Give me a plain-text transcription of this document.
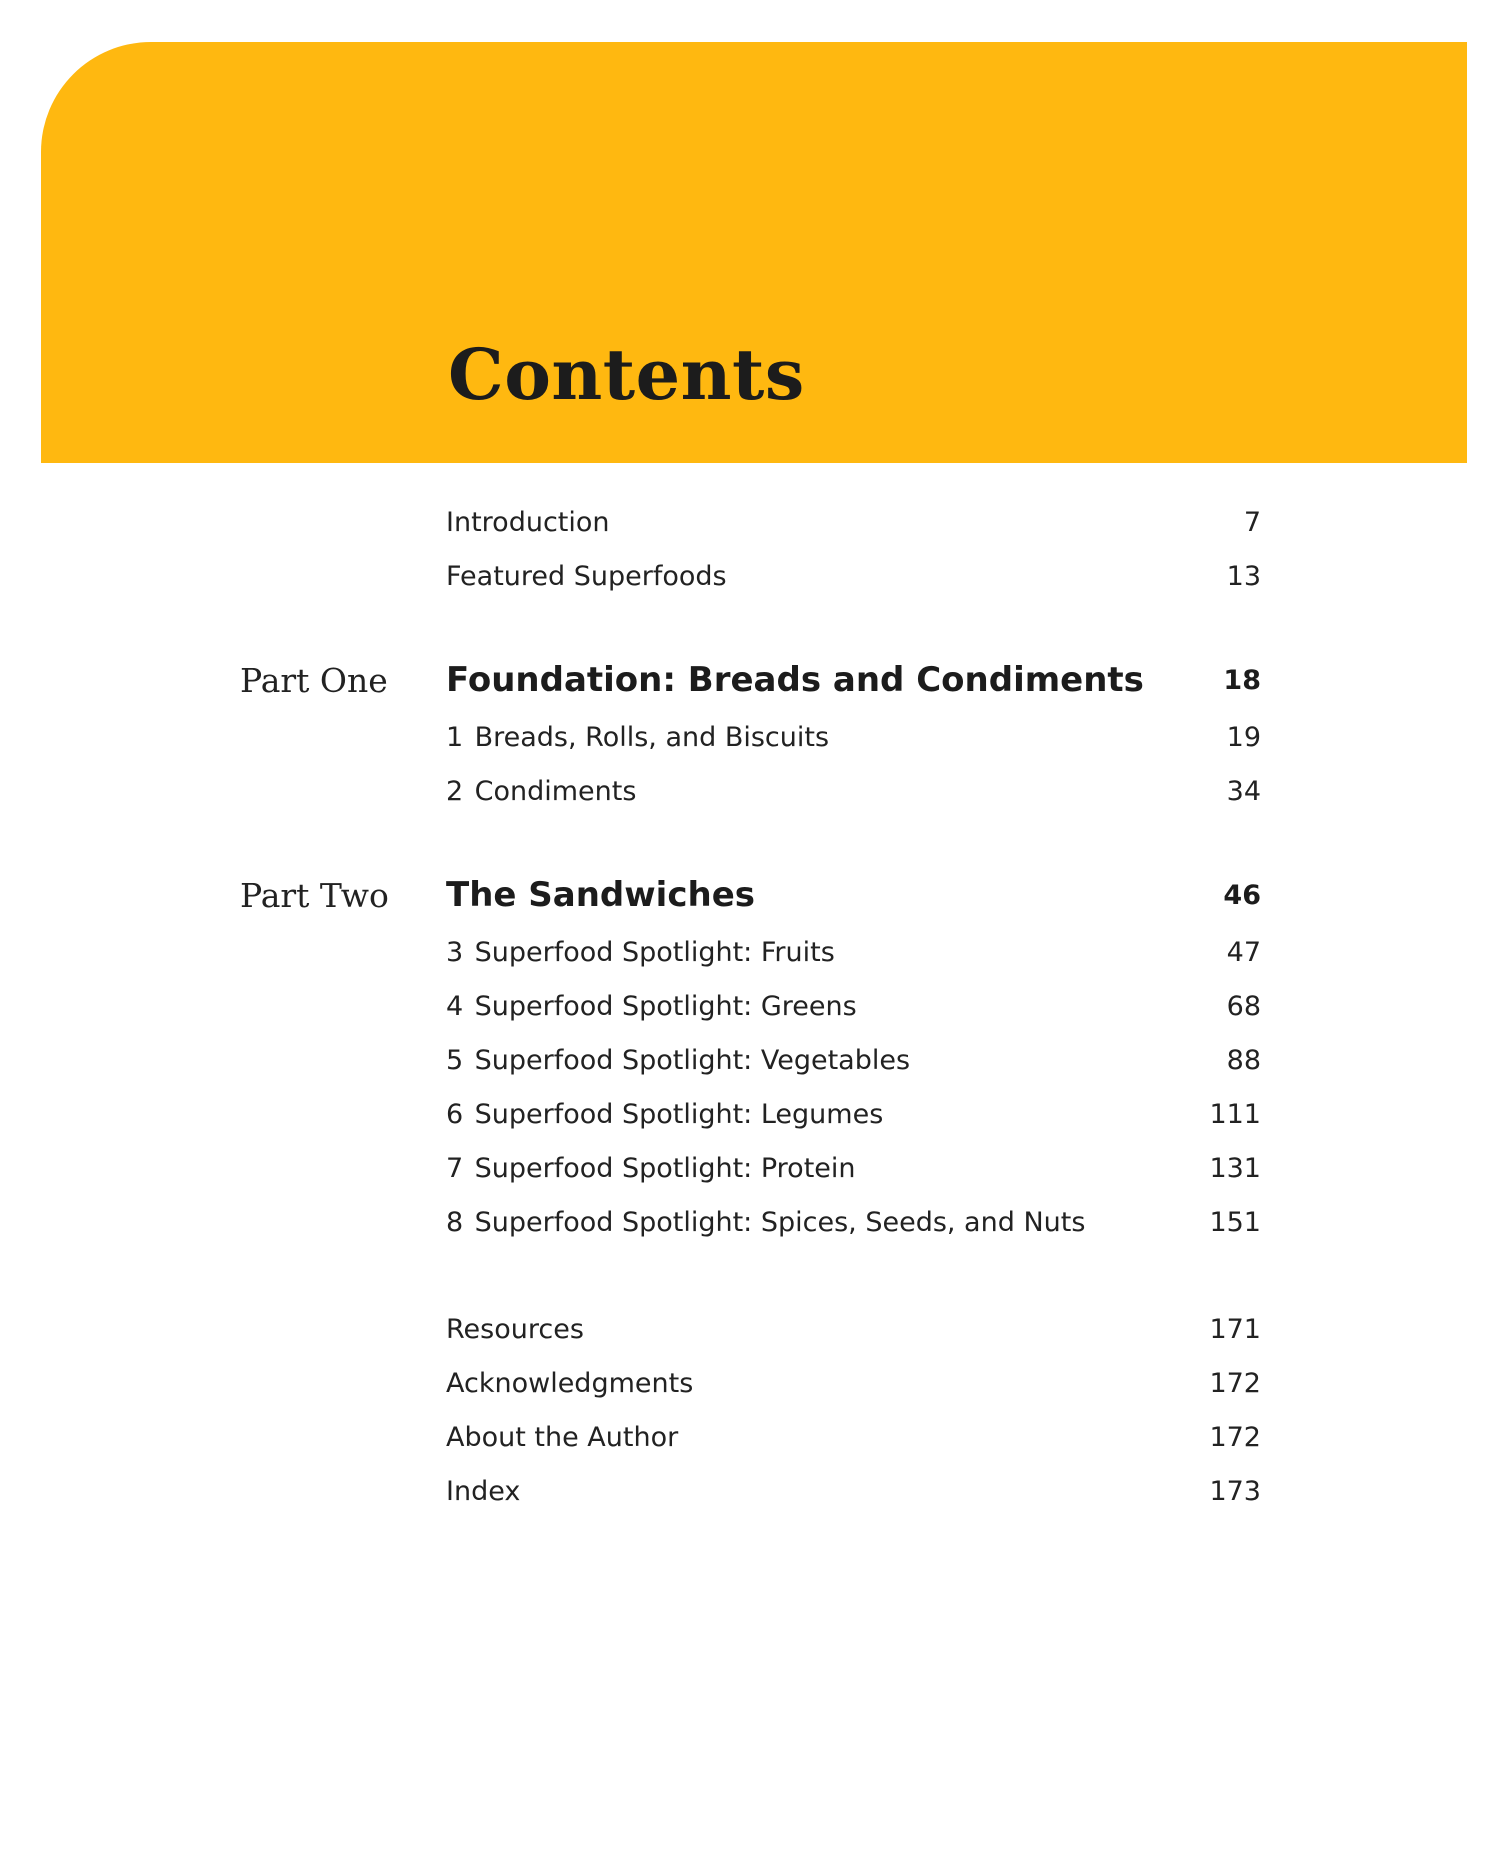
Contents
Introduction	7
Featured Superfoods	13
Part One	Foundation: Breads and Condiments	18
1 Breads, Rolls, and Biscuits	19
2 Condiments	34
Part Two	The Sandwiches	46
3 Superfood Spotlight: Fruits	47
4 Superfood Spotlight: Greens	68
5 Superfood Spotlight: Vegetables	88
6 Superfood Spotlight: Legumes	111
7 Superfood Spotlight: Protein	131
8 Superfood Spotlight: Spices, Seeds, and Nuts	151
Resources	171
Acknowledgments	172
About the Author	172
Index	173
